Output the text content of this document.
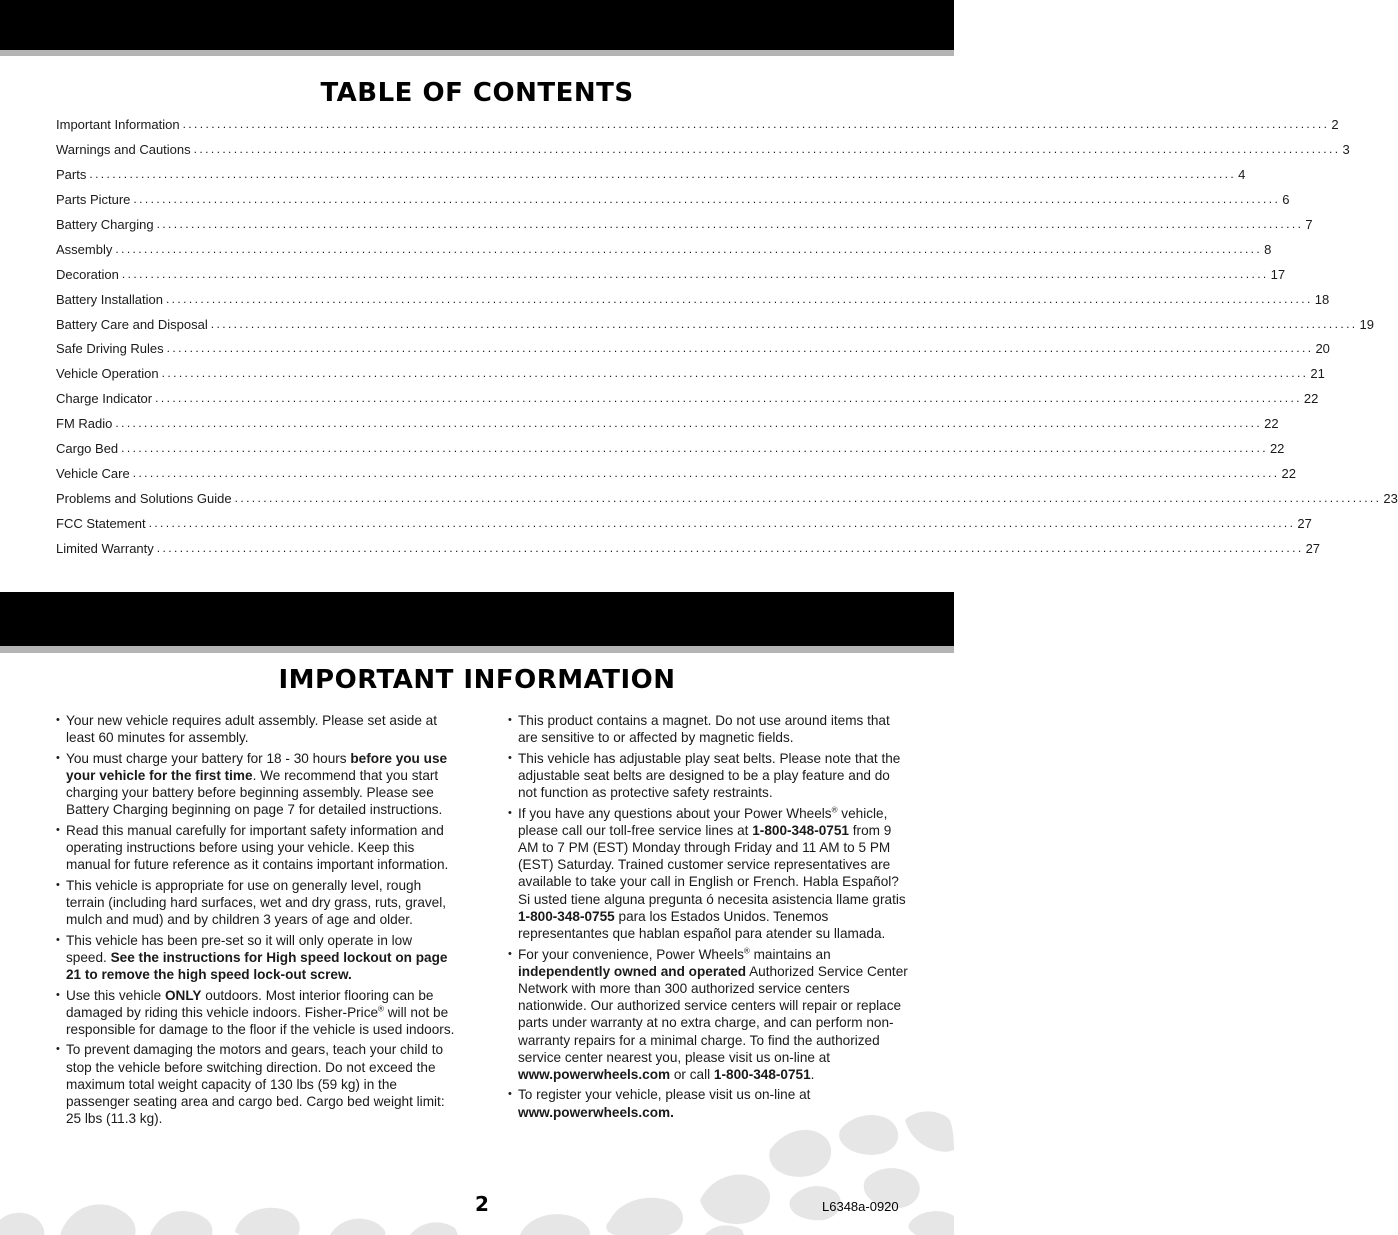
TABLE OF CONTENTS
Important Information ........................................................................................................................................................................................................ 2
Warnings and Cautions ........................................................................................................................................................................................................ 3
Parts ........................................................................................................................................................................................................ 4
Parts Picture ........................................................................................................................................................................................................ 6
Battery Charging ........................................................................................................................................................................................................ 7
Assembly ........................................................................................................................................................................................................ 8
Decoration ........................................................................................................................................................................................................ 17
Battery Installation ........................................................................................................................................................................................................ 18
Battery Care and Disposal ........................................................................................................................................................................................................ 19
Safe Driving Rules ........................................................................................................................................................................................................ 20
Vehicle Operation ........................................................................................................................................................................................................ 21
Charge Indicator ........................................................................................................................................................................................................ 22
FM Radio ........................................................................................................................................................................................................ 22
Cargo Bed ........................................................................................................................................................................................................ 22
Vehicle Care ........................................................................................................................................................................................................ 22
Problems and Solutions Guide ........................................................................................................................................................................................................ 23
FCC Statement ........................................................................................................................................................................................................ 27
Limited Warranty ........................................................................................................................................................................................................ 27
IMPORTANT INFORMATION
• Your new vehicle requires adult assembly. Please set aside at least 60 minutes for assembly.
• You must charge your battery for 18 - 30 hours before you use your vehicle for the first time. We recommend that you start charging your battery before beginning assembly. Please see Battery Charging beginning on page 7 for detailed instructions.
• Read this manual carefully for important safety information and operating instructions before using your vehicle. Keep this manual for future reference as it contains important information.
• This vehicle is appropriate for use on generally level, rough terrain (including hard surfaces, wet and dry grass, ruts, gravel, mulch and mud) and by children 3 years of age and older.
• This vehicle has been pre-set so it will only operate in low speed. See the instructions for High speed lockout on page 21 to remove the high speed lock-out screw.
• Use this vehicle ONLY outdoors. Most interior flooring can be damaged by riding this vehicle indoors. Fisher-Price® will not be responsible for damage to the floor if the vehicle is used indoors.
• To prevent damaging the motors and gears, teach your child to stop the vehicle before switching direction. Do not exceed the maximum total weight capacity of 130 lbs (59 kg) in the passenger seating area and cargo bed. Cargo bed weight limit: 25 lbs (11.3 kg).
• This product contains a magnet. Do not use around items that are sensitive to or affected by magnetic fields.
• This vehicle has adjustable play seat belts. Please note that the adjustable seat belts are designed to be a play feature and do not function as protective safety restraints.
• If you have any questions about your Power Wheels® vehicle, please call our toll-free service lines at 1-800-348-0751 from 9 AM to 7 PM (EST) Monday through Friday and 11 AM to 5 PM (EST) Saturday. Trained customer service representatives are available to take your call in English or French. Habla Español? Si usted tiene alguna pregunta ó necesita asistencia llame gratis 1-800-348-0755 para los Estados Unidos. Tenemos representantes que hablan español para atender su llamada.
• For your convenience, Power Wheels® maintains an independently owned and operated Authorized Service Center Network with more than 300 authorized service centers nationwide. Our authorized service centers will repair or replace parts under warranty at no extra charge, and can perform non-warranty repairs for a minimal charge. To find the authorized service center nearest you, please visit us on-line at www.powerwheels.com or call 1-800-348-0751.
• To register your vehicle, please visit us on-line at www.powerwheels.com.
2	L6348a-0920
